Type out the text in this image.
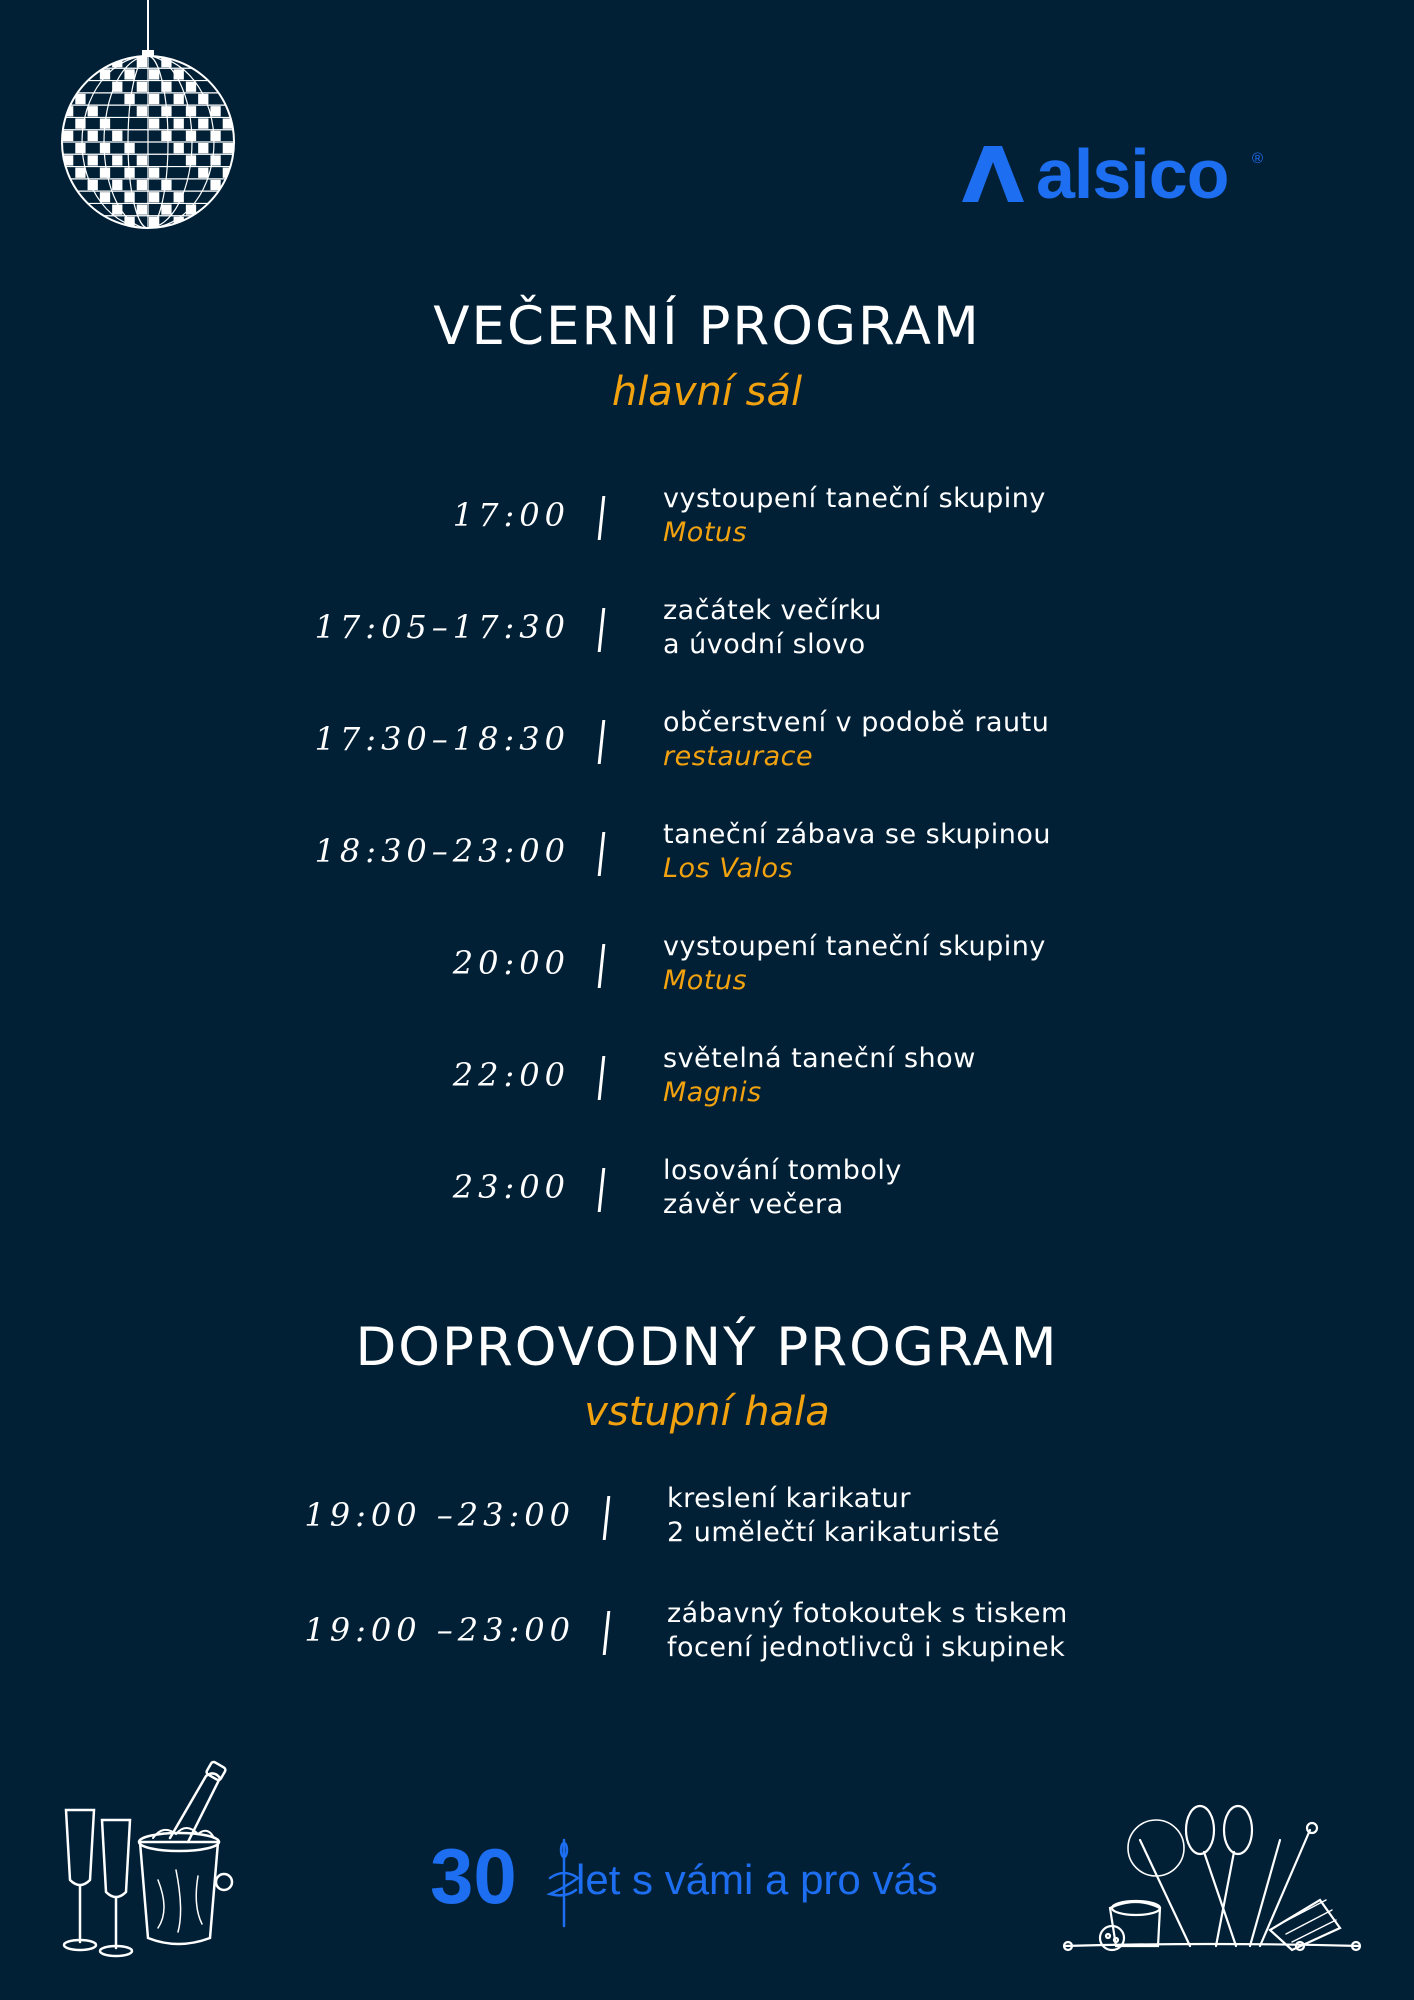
alsico ®
VEČERNÍ PROGRAM
hlavní sál
17:00	vystoupení taneční skupiny
Motus
17:05–17:30	začátek večírku
a úvodní slovo
17:30–18:30	občerstvení v podobě rautu
restaurace
18:30–23:00	taneční zábava se skupinou
Los Valos
20:00	vystoupení taneční skupiny
Motus
22:00	světelná taneční show
Magnis
23:00	losování tomboly
závěr večera
DOPROVODNÝ PROGRAM
vstupní hala
19:00 –23:00	kreslení karikatur
2 umělečtí karikaturisté
19:00 –23:00	zábavný fotokoutek s tiskem
focení jednotlivců i skupinek
30 let s vámi a pro vás
